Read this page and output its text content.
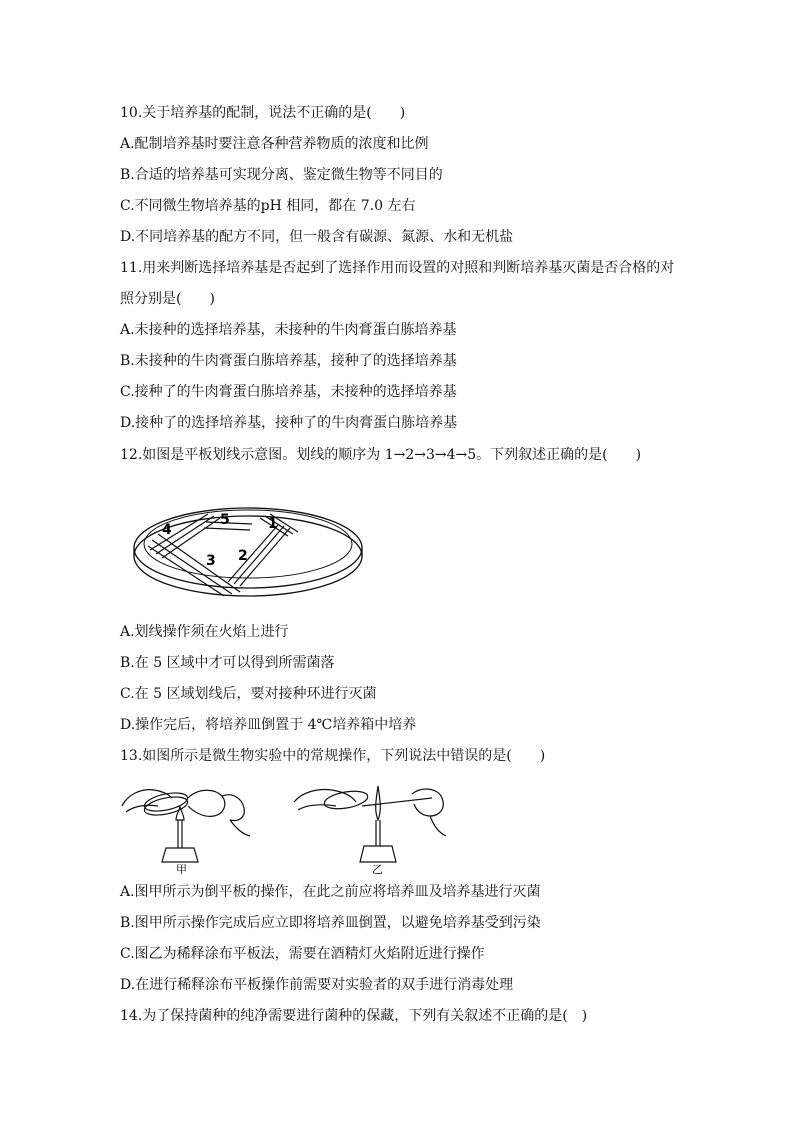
10.关于培养基的配制，说法不正确的是(　　)
A.配制培养基时要注意各种营养物质的浓度和比例
B.合适的培养基可实现分离、鉴定微生物等不同目的
C.不同微生物培养基的pH 相同，都在 7.0 左右
D.不同培养基的配方不同，但一般含有碳源、氮源、水和无机盐
11.用来判断选择培养基是否起到了选择作用而设置的对照和判断培养基灭菌是否合格的对
照分别是(　　)
A.未接种的选择培养基，未接种的牛肉膏蛋白胨培养基
B.未接种的牛肉膏蛋白胨培养基，接种了的选择培养基
C.接种了的牛肉膏蛋白胨培养基，未接种的选择培养基
D.接种了的选择培养基，接种了的牛肉膏蛋白胨培养基
12.如图是平板划线示意图。划线的顺序为 1→2→3→4→5。下列叙述正确的是(　　)
1
2
3
4
5
A.划线操作须在火焰上进行
B.在 5 区域中才可以得到所需菌落
C.在 5 区域划线后，要对接种环进行灭菌
D.操作完后，将培养皿倒置于 4℃培养箱中培养
13.如图所示是微生物实验中的常规操作，下列说法中错误的是(　　)
甲	乙
A.图甲所示为倒平板的操作，在此之前应将培养皿及培养基进行灭菌
B.图甲所示操作完成后应立即将培养皿倒置，以避免培养基受到污染
C.图乙为稀释涂布平板法，需要在酒精灯火焰附近进行操作
D.在进行稀释涂布平板操作前需要对实验者的双手进行消毒处理
14.为了保持菌种的纯净需要进行菌种的保藏，下列有关叙述不正确的是(　)
